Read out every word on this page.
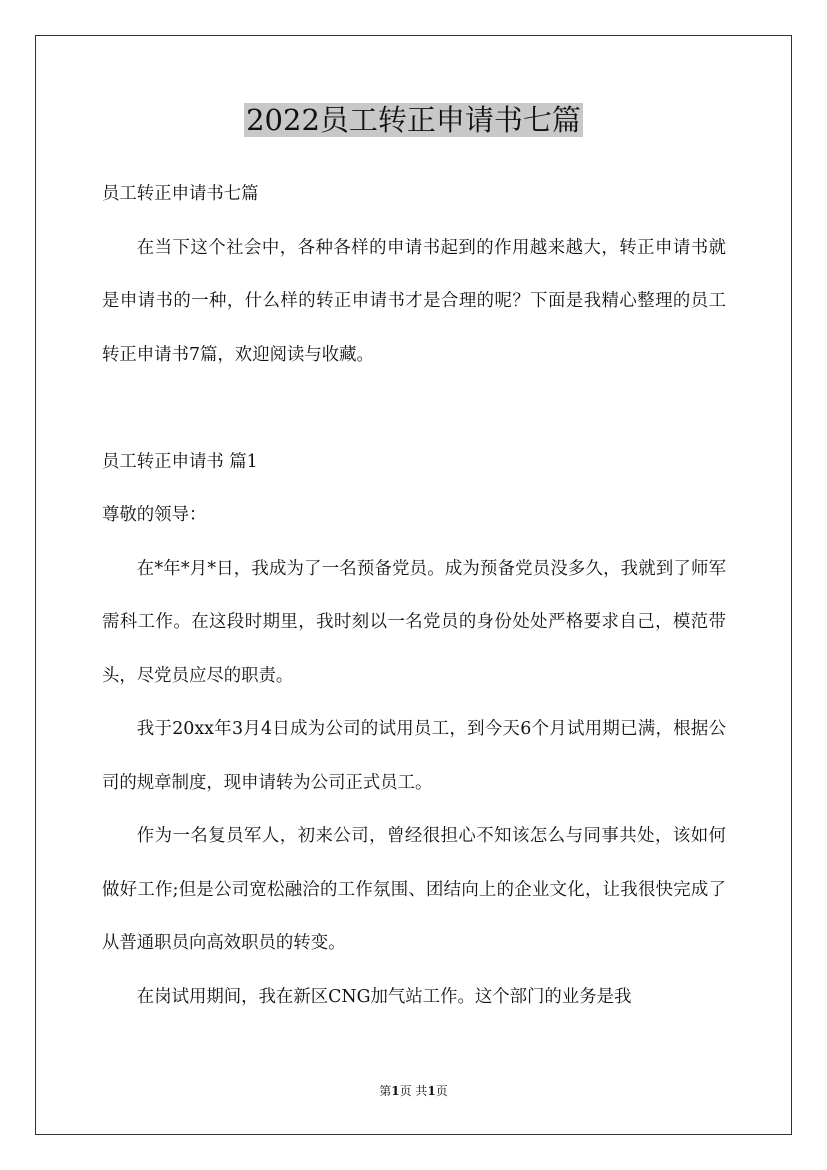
2022员工转正申请书七篇

员工转正申请书七篇

在当下这个社会中，各种各样的申请书起到的作用越来越大，转正申请书就是申请书的一种，什么样的转正申请书才是合理的呢？下面是我精心整理的员工转正申请书7篇，欢迎阅读与收藏。

员工转正申请书 篇1

尊敬的领导：

在*年*月*日，我成为了一名预备党员。成为预备党员没多久，我就到了师军需科工作。在这段时期里，我时刻以一名党员的身份处处严格要求自己，模范带头，尽党员应尽的职责。

我于20xx年3月4日成为公司的试用员工，到今天6个月试用期已满，根据公司的规章制度，现申请转为公司正式员工。

作为一名复员军人，初来公司，曾经很担心不知该怎么与同事共处，该如何做好工作;但是公司宽松融洽的工作氛围、团结向上的企业文化，让我很快完成了从普通职员向高效职员的转变。

在岗试用期间，我在新区CNG加气站工作。这个部门的业务是我

第1页 共1页
